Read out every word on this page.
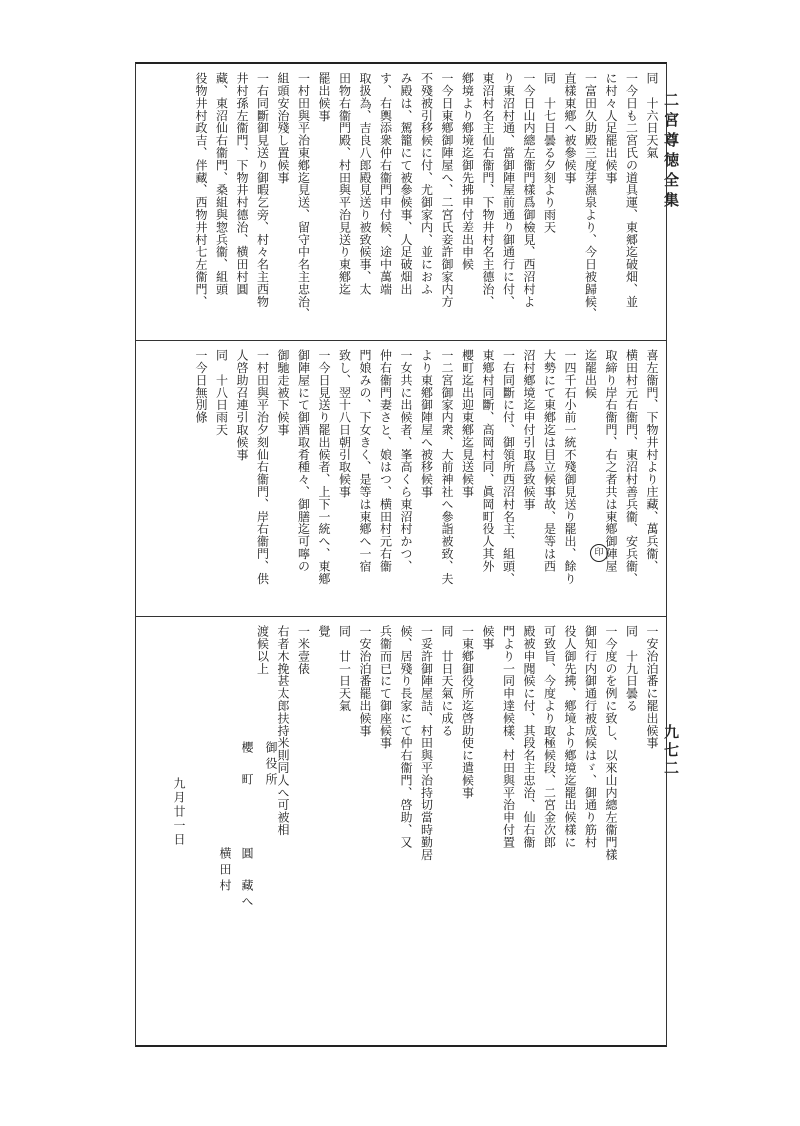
二宮尊徳全集
九七二
同　十六日天氣
一今日も二宮氏の道具運、東郷迄破畑、並
に村々人足罷出候事
一富田久助殿三度芽濕泉より、今日被歸候、
直樣東鄕へ被參候事
同　十七日曇る夕刻より雨天
一今日山内總左衞門樣爲御檢見、西沼村よ
り東沼村通、當御陣屋前通り御通行に付、
東沼村名主仙右衞門、下物井村名主德治、
鄕境より鄕境迄御先拂申付差出申候
一今日東鄕御陣屋へ、二宮氏妾許御家内方
不殘被引移候に付、尤御家内、並におふ
み殿は、駕籠にて被參候事、人足破畑出
す、右輿添衆仲右衞門申付候、途中萬端
取扱為、吉良八郎殿見送り被致候事、太
田物右衞門殿、村田與平治見送り東鄕迄
罷出候事
一村田與平治東鄕迄見送、留守中名主忠治、
組頭安治殘し置候事
一右同斷御見送り御暇乞旁、村々名主西物
井村孫左衞門、下物井村德治、横田村圓
藏、東沼仙右衞門、桑組與惣兵衞、組頭
役物井村政吉、伴藏、西物井村七左衞門、
喜左衞門、下物井村より庄藏、萬兵衞、
横田村元右衞門、東沼村善兵衞、安兵衞、
取締り岸右衞門、右之者共は東鄕御陣屋
迄罷出候
一四千石小前一統不殘御見送り罷出、餘り
大勢にて東鄕迄は目立候事故、是等は西
沼村鄕境迄申付引取爲致候事
一右同斷に付、御領所西沼村名主、組頭、
東鄕村同斷、高岡村同、眞岡町役人其外
櫻町迄出迎東鄕迄見送候事
一二宮御家内衆、大前神社へ參詣被致、夫
より東鄕御陣屋へ被移候事
一女共に出候者、峯高くら東沼村かつ、
仲右衞門妻さと、娘はつ、横田村元右衞
門娘みの、下女きく、是等は東鄕へ一宿
致し、翌十八日朝引取候事
一今日見送り罷出候者、上下一統へ、東鄕
御陣屋にて御酒取肴種々、御膳迄可嚀の
御馳走被下候事
一村田與平治夕刻仙右衞門、岸右衞門、供
人啓助召連引取候事
同　十八日雨天
一今日無別條
一安治泊番に罷出候事
同　十九日曇る
一今度のを例に致し、以來山内總左衞門樣
御知行内御通行被成候はゞ、御通り筋村
役人御先拂、鄕境より鄕境迄罷出候樣に
可致旨、今度より取極候段、二宮金次郎
殿被申聞候に付、其段名主忠治、仙右衞
門より一同申達候樣、村田與平治申付置
候事
一東鄕御役所迄啓助使に遣候事
同　廿日天氣に成る
一妥許御陣屋詰、村田與平治持切當時勤居
候、居殘り長家にて仲右衞門、啓助、又
兵衞而已にて御座候事
一安治泊番罷出候事
同　廿一日天氣
覺
一米壹俵
右者木挽甚太郎扶持米則同人へ可被相
渡候以上
九月廿一日
櫻　町 御役所
横田村 圓　藏へ
印
